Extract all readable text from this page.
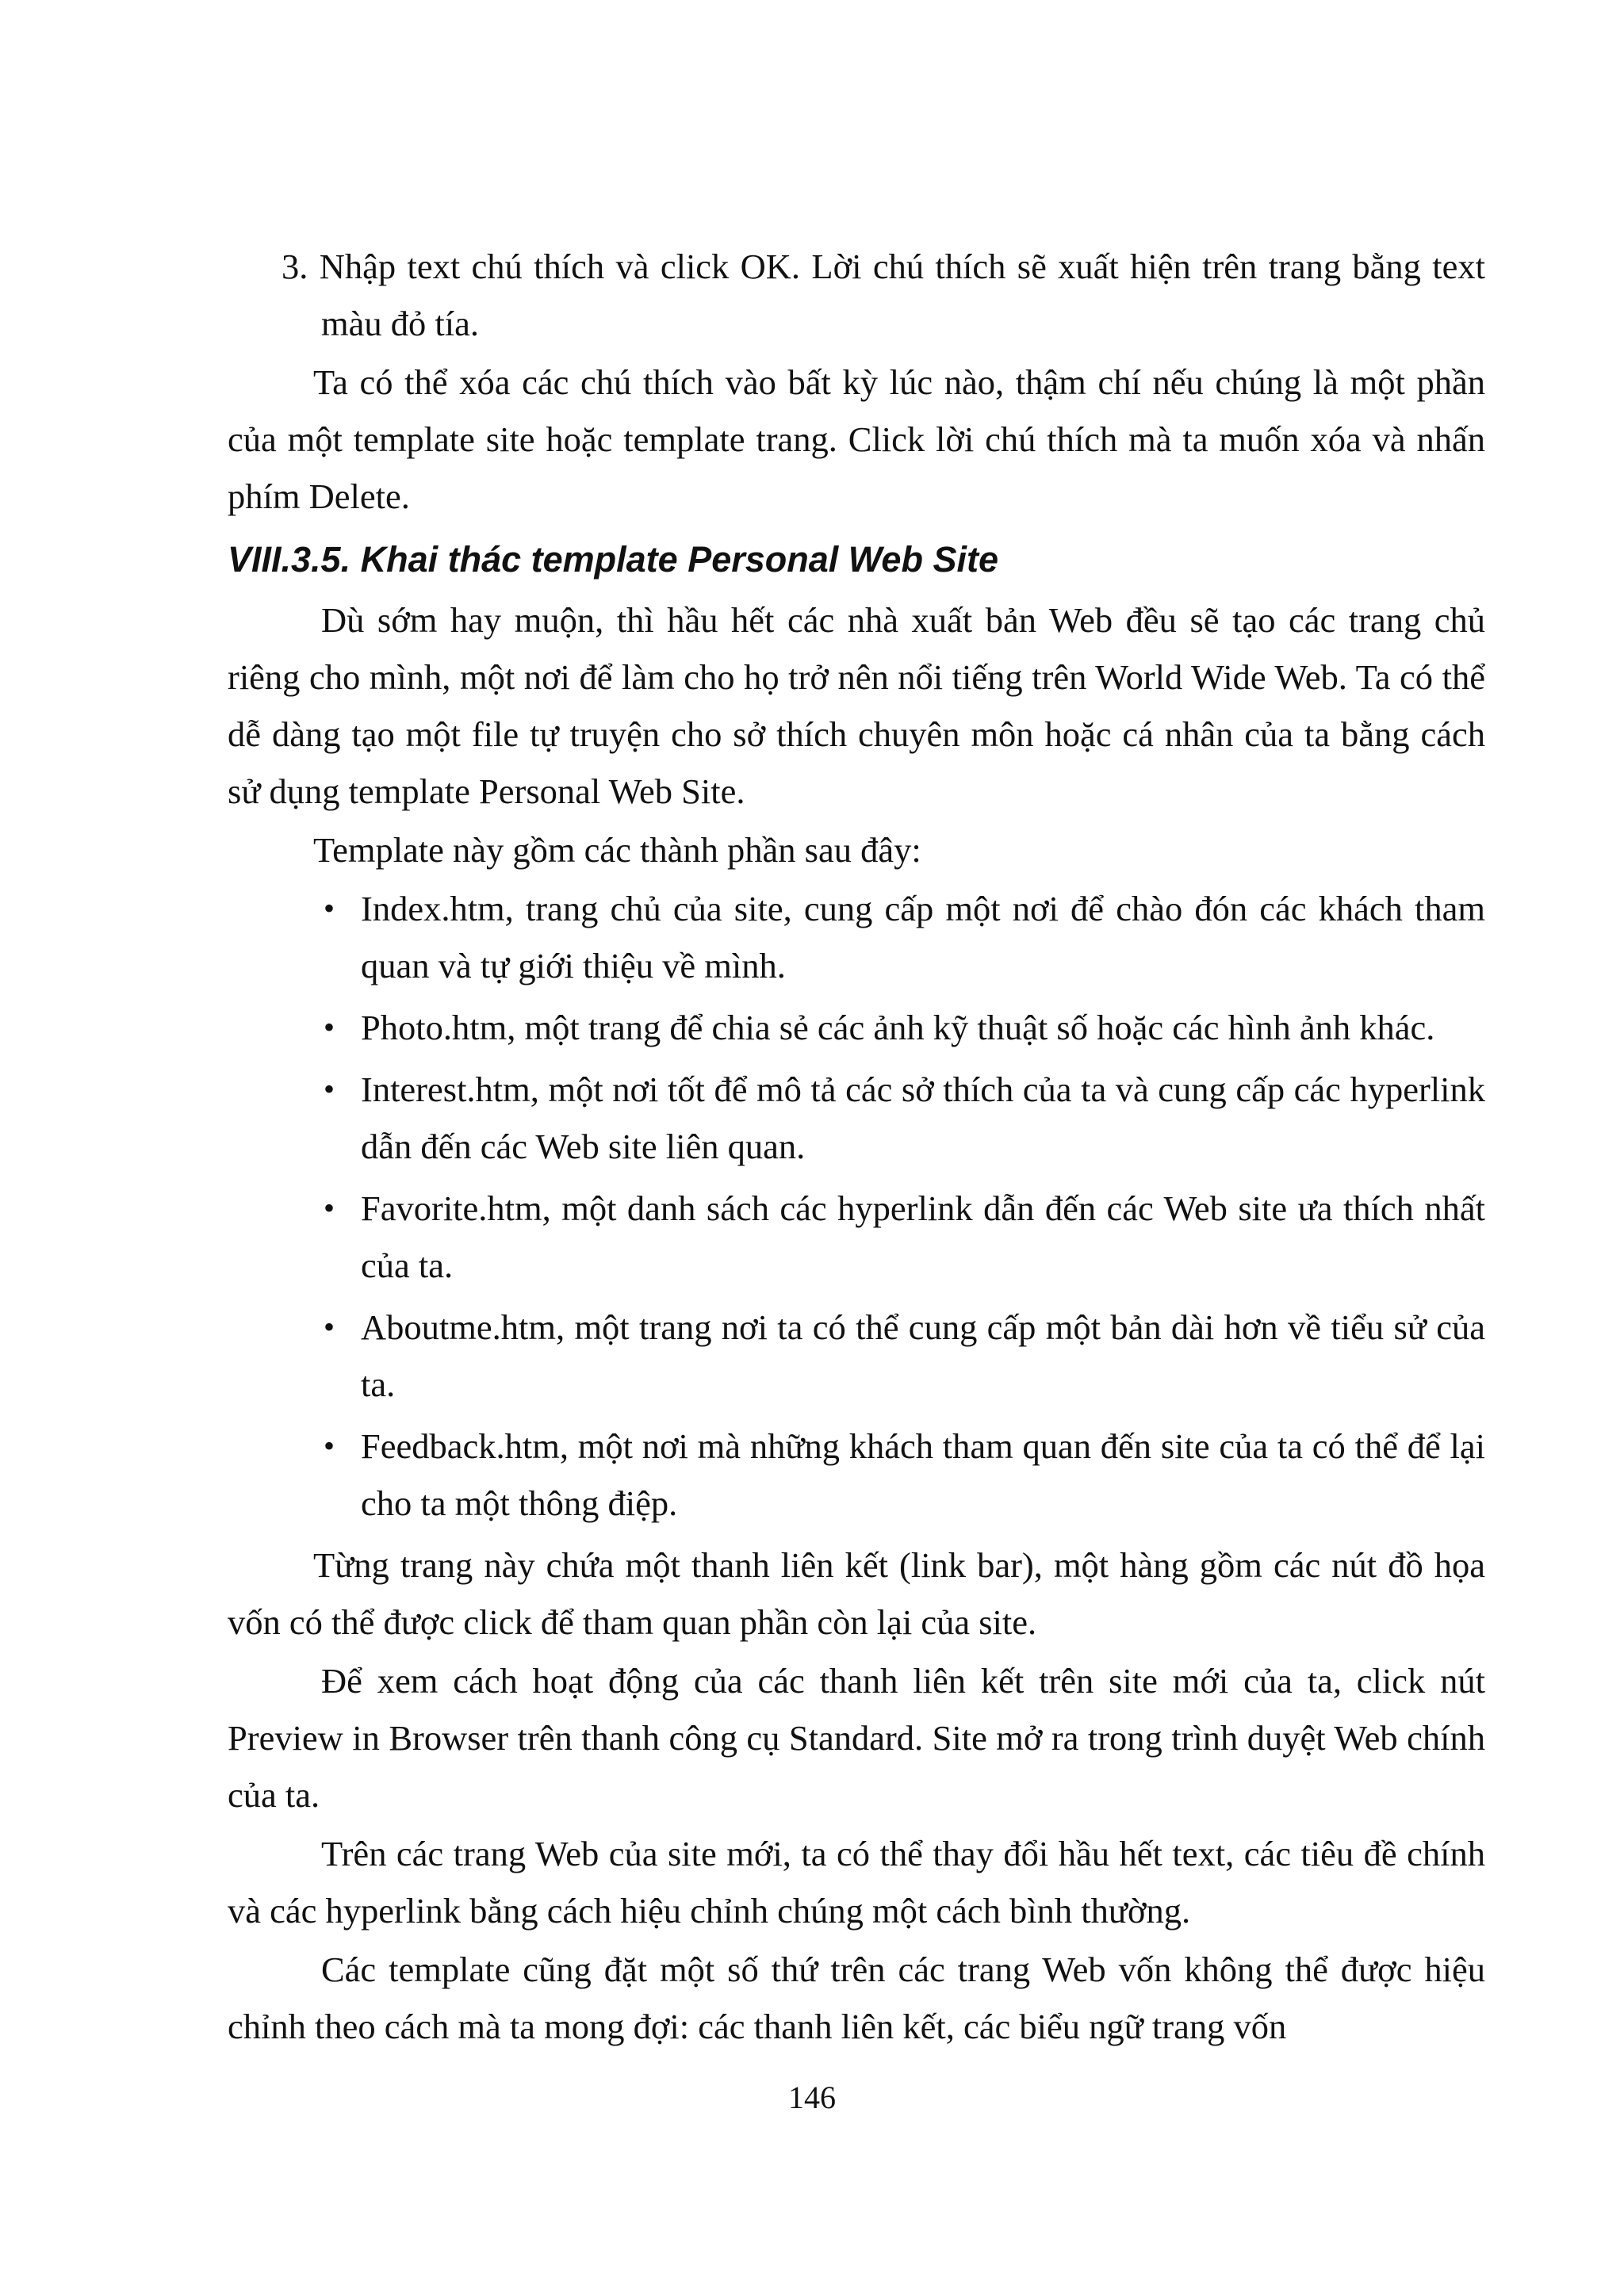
3. Nhập text chú thích và click OK. Lời chú thích sẽ xuất hiện trên trang bằng text màu đỏ tía.

Ta có thể xóa các chú thích vào bất kỳ lúc nào, thậm chí nếu chúng là một phần của một template site hoặc template trang. Click lời chú thích mà ta muốn xóa và nhấn phím Delete.

VIII.3.5. Khai thác template Personal Web Site

Dù sớm hay muộn, thì hầu hết các nhà xuất bản Web đều sẽ tạo các trang chủ riêng cho mình, một nơi để làm cho họ trở nên nổi tiếng trên World Wide Web. Ta có thể dễ dàng tạo một file tự truyện cho sở thích chuyên môn hoặc cá nhân của ta bằng cách sử dụng template Personal Web Site.

Template này gồm các thành phần sau đây:

• Index.htm, trang chủ của site, cung cấp một nơi để chào đón các khách tham quan và tự giới thiệu về mình.
• Photo.htm, một trang để chia sẻ các ảnh kỹ thuật số hoặc các hình ảnh khác.
• Interest.htm, một nơi tốt để mô tả các sở thích của ta và cung cấp các hyperlink dẫn đến các Web site liên quan.
• Favorite.htm, một danh sách các hyperlink dẫn đến các Web site ưa thích nhất của ta.
• Aboutme.htm, một trang nơi ta có thể cung cấp một bản dài hơn về tiểu sử của ta.
• Feedback.htm, một nơi mà những khách tham quan đến site của ta có thể để lại cho ta một thông điệp.

Từng trang này chứa một thanh liên kết (link bar), một hàng gồm các nút đồ họa vốn có thể được click để tham quan phần còn lại của site.

Để xem cách hoạt động của các thanh liên kết trên site mới của ta, click nút Preview in Browser trên thanh công cụ Standard. Site mở ra trong trình duyệt Web chính của ta.

Trên các trang Web của site mới, ta có thể thay đổi hầu hết text, các tiêu đề chính và các hyperlink bằng cách hiệu chỉnh chúng một cách bình thường.

Các template cũng đặt một số thứ trên các trang Web vốn không thể được hiệu chỉnh theo cách mà ta mong đợi: các thanh liên kết, các biểu ngữ trang vốn

146
